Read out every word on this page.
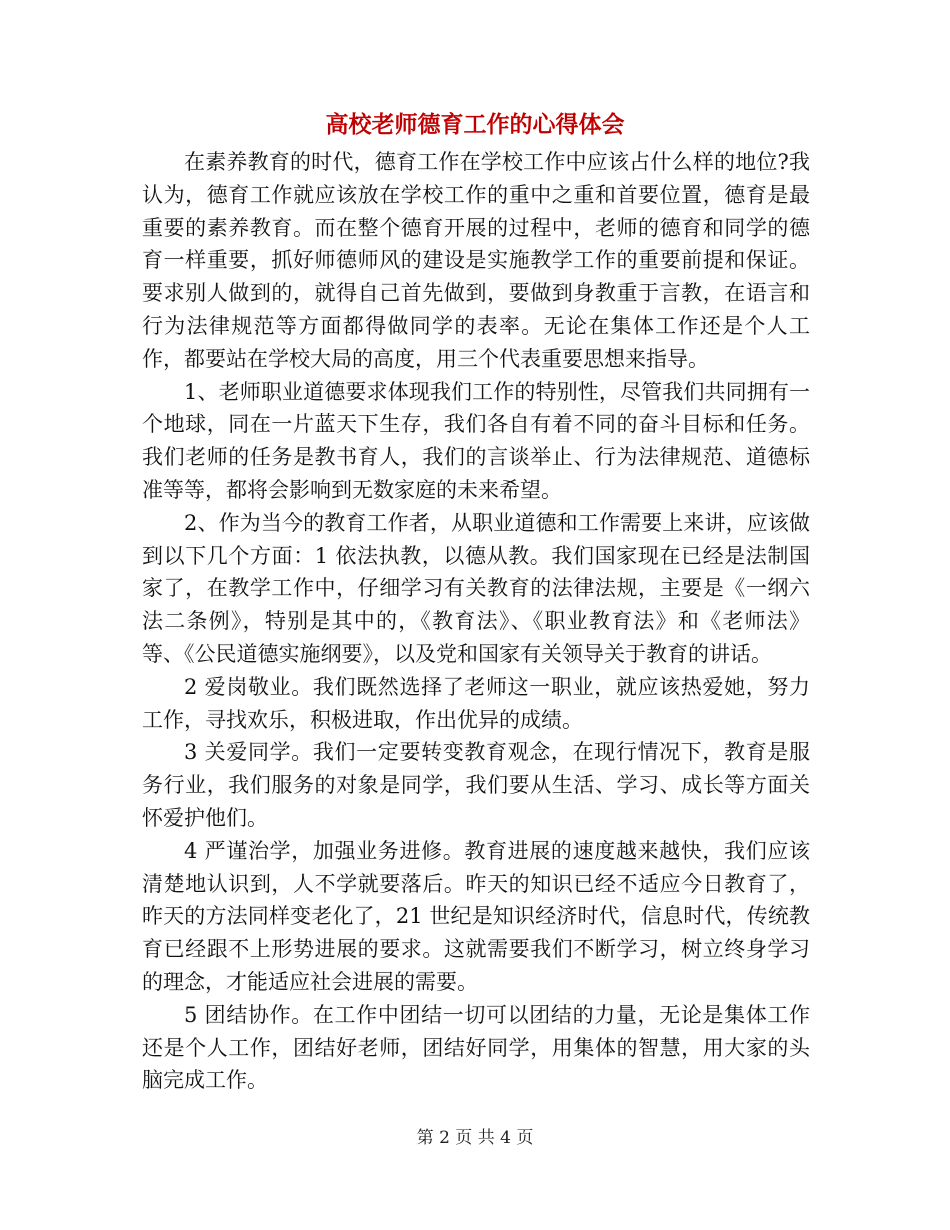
高校老师德育工作的心得体会

在素养教育的时代，德育工作在学校工作中应该占什么样的地位?我认为，德育工作就应该放在学校工作的重中之重和首要位置，德育是最重要的素养教育。而在整个德育开展的过程中，老师的德育和同学的德育一样重要，抓好师德师风的建设是实施教学工作的重要前提和保证。要求别人做到的，就得自己首先做到，要做到身教重于言教，在语言和行为法律规范等方面都得做同学的表率。无论在集体工作还是个人工作，都要站在学校大局的高度，用三个代表重要思想来指导。

1、老师职业道德要求体现我们工作的特别性，尽管我们共同拥有一个地球，同在一片蓝天下生存，我们各自有着不同的奋斗目标和任务。我们老师的任务是教书育人，我们的言谈举止、行为法律规范、道德标准等等，都将会影响到无数家庭的未来希望。

2、作为当今的教育工作者，从职业道德和工作需要上来讲，应该做到以下几个方面：1 依法执教，以德从教。我们国家现在已经是法制国家了，在教学工作中，仔细学习有关教育的法律法规，主要是《一纲六法二条例》，特别是其中的，《教育法》、《职业教育法》和《老师法》等、《公民道德实施纲要》，以及党和国家有关领导关于教育的讲话。

2 爱岗敬业。我们既然选择了老师这一职业，就应该热爱她，努力工作，寻找欢乐，积极进取，作出优异的成绩。

3 关爱同学。我们一定要转变教育观念，在现行情况下，教育是服务行业，我们服务的对象是同学，我们要从生活、学习、成长等方面关怀爱护他们。

4 严谨治学，加强业务进修。教育进展的速度越来越快，我们应该清楚地认识到，人不学就要落后。昨天的知识已经不适应今日教育了，昨天的方法同样变老化了，21 世纪是知识经济时代，信息时代，传统教育已经跟不上形势进展的要求。这就需要我们不断学习，树立终身学习的理念，才能适应社会进展的需要。

5 团结协作。在工作中团结一切可以团结的力量，无论是集体工作还是个人工作，团结好老师，团结好同学，用集体的智慧，用大家的头脑完成工作。

第 2 页 共 4 页
